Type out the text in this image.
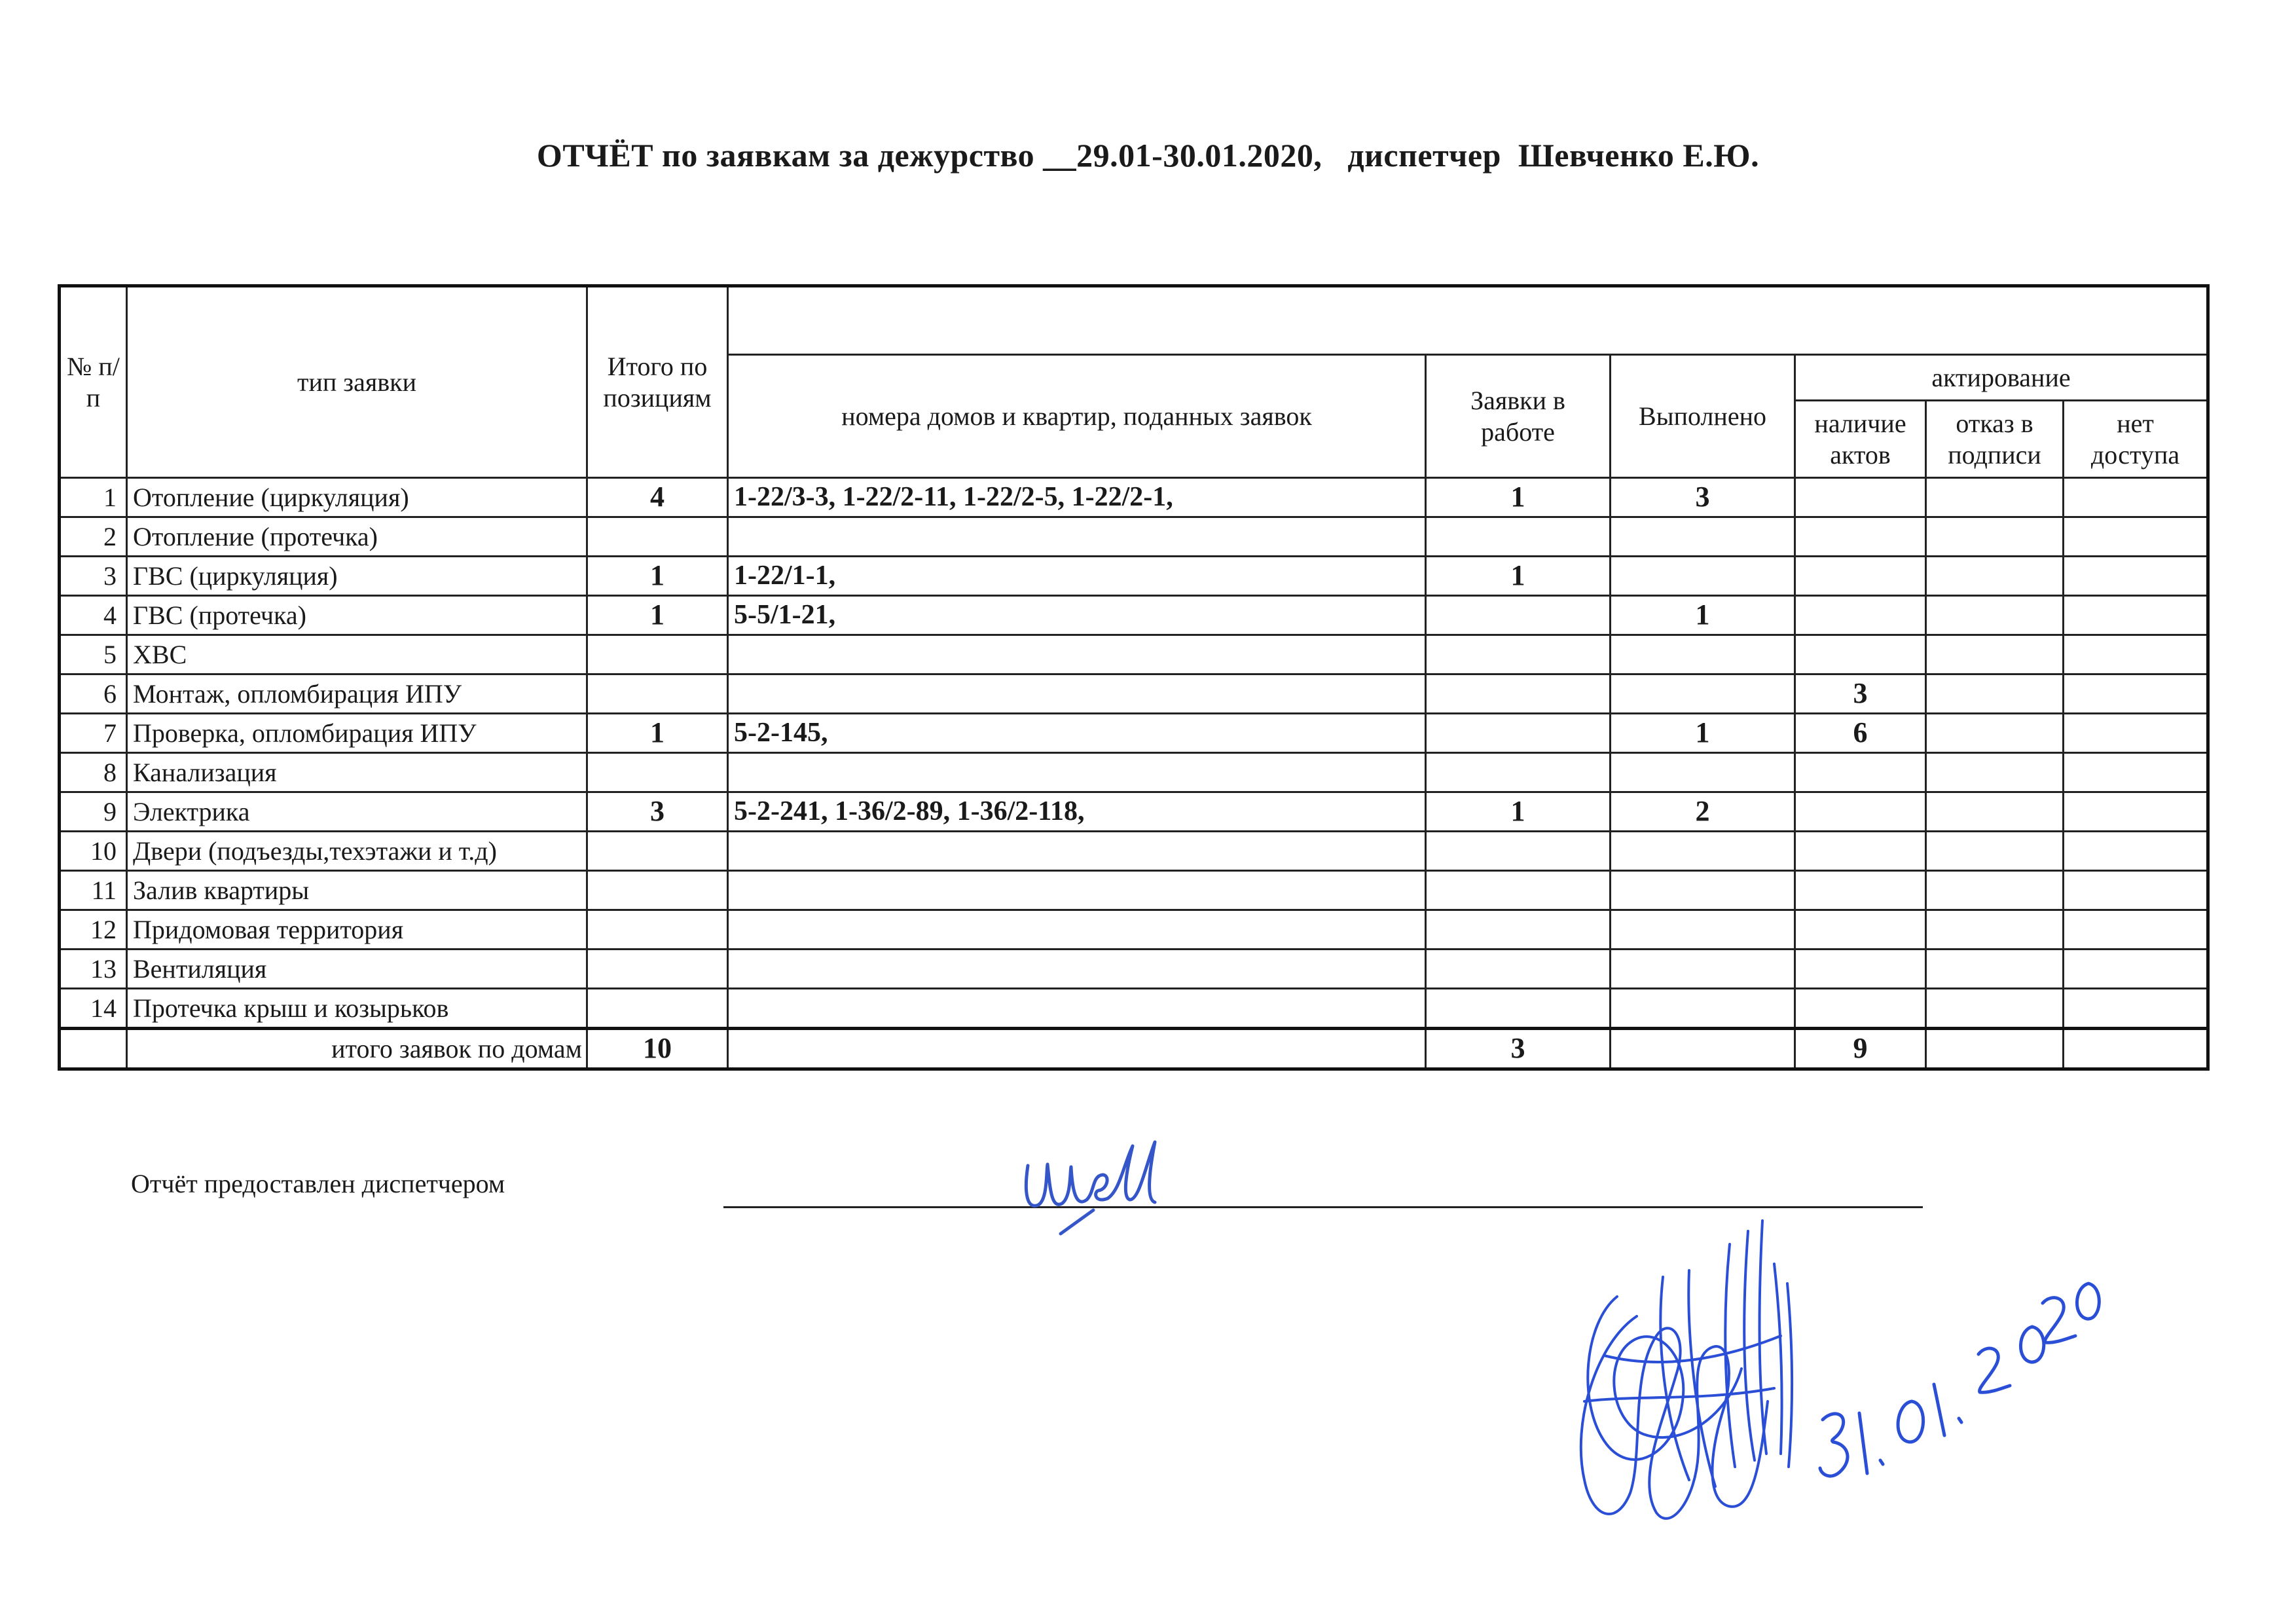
ОТЧЁТ по заявкам за дежурство __29.01-30.01.2020,   диспетчер  Шевченко Е.Ю.
№ п/п	тип заявки	Итого по позициям						
			номера домов и квартир, поданных заявок	Заявки в работе	Выполнено	актирование		
						наличие актов	отказ в подписи	нет доступа
1	Отопление (циркуляция)	4	1-22/3-3, 1-22/2-11, 1-22/2-5, 1-22/2-1,	1	3			
2	Отопление (протечка)							
3	ГВС (циркуляция)	1	1-22/1-1,	1				
4	ГВС (протечка)	1	5-5/1-21,		1			
5	ХВС							
6	Монтаж, опломбирация ИПУ					3		
7	Проверка, опломбирация ИПУ	1	5-2-145,		1	6		
8	Канализация							
9	Электрика	3	5-2-241, 1-36/2-89, 1-36/2-118,	1	2			
10	Двери (подъезды,техэтажи и т.д)							
11	Залив квартиры							
12	Придомовая территория							
13	Вентиляция							
14	Протечка крыш и козырьков							
	итого заявок по домам	10		3		9		
Отчёт предоставлен диспетчером
